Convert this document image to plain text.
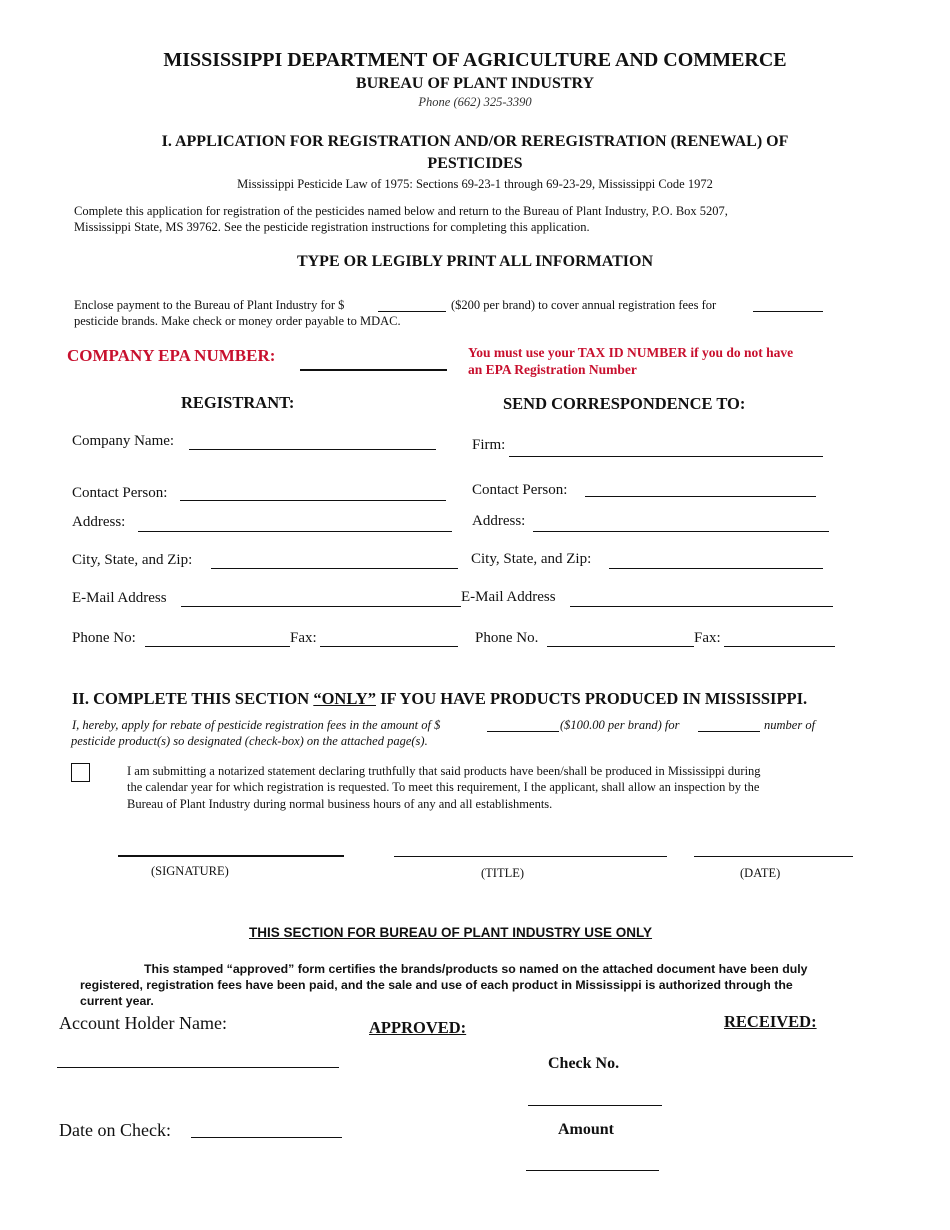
MISSISSIPPI DEPARTMENT OF AGRICULTURE AND COMMERCE
BUREAU OF PLANT INDUSTRY
Phone (662) 325-3390
I. APPLICATION FOR REGISTRATION AND/OR REREGISTRATION (RENEWAL) OF
PESTICIDES
Mississippi Pesticide Law of 1975: Sections 69-23-1 through 69-23-29, Mississippi Code 1972
Complete this application for registration of the pesticides named below and return to the Bureau of Plant Industry, P.O. Box 5207,
Mississippi State, MS 39762. See the pesticide registration instructions for completing this application.
TYPE OR LEGIBLY PRINT ALL INFORMATION
Enclose payment to the Bureau of Plant Industry for $	($200 per brand) to cover annual registration fees for
pesticide brands. Make check or money order payable to MDAC.
COMPANY EPA NUMBER:	You must use your TAX ID NUMBER if you do not have
an EPA Registration Number
REGISTRANT:
Company Name:
Contact Person:
Address:
City, State, and Zip:
E-Mail Address
Phone No:	Fax:
SEND CORRESPONDENCE TO:
Firm:
Contact Person:
Address:
City, State, and Zip:
E-Mail Address
Phone No.	Fax:
II. COMPLETE THIS SECTION “ONLY” IF YOU HAVE PRODUCTS PRODUCED IN MISSISSIPPI.
I, hereby, apply for rebate of pesticide registration fees in the amount of $	($100.00 per brand) for	number of
pesticide product(s) so designated (check-box) on the attached page(s).
I am submitting a notarized statement declaring truthfully that said products have been/shall be produced in Mississippi during
the calendar year for which registration is requested. To meet this requirement, I the applicant, shall allow an inspection by the
Bureau of Plant Industry during normal business hours of any and all establishments.
(SIGNATURE)	(TITLE)	(DATE)
THIS SECTION FOR BUREAU OF PLANT INDUSTRY USE ONLY
This stamped “approved” form certifies the brands/products so named on the attached document have been duly
registered, registration fees have been paid, and the sale and use of each product in Mississippi is authorized through the
current year.
Account Holder Name:	APPROVED:	RECEIVED:
Check No.
Date on Check:	Amount
